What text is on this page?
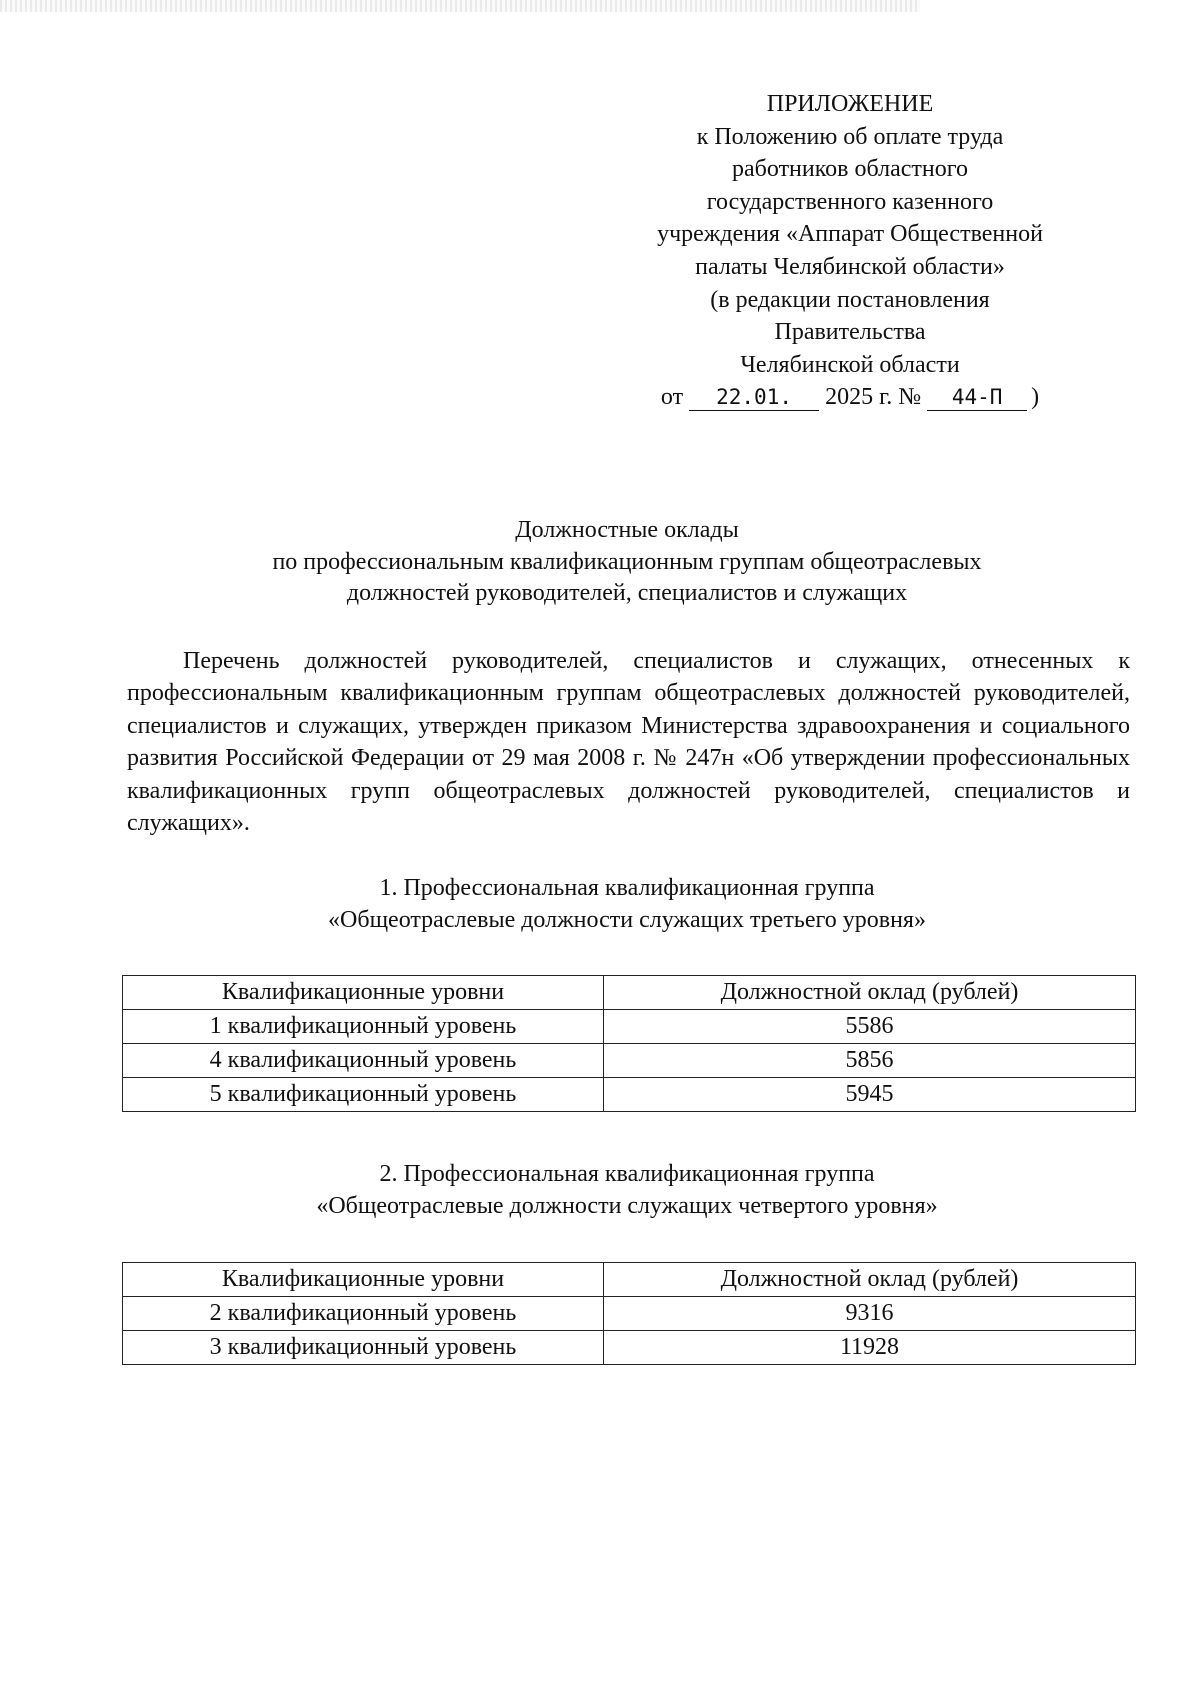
ПРИЛОЖЕНИЕ
к Положению об оплате труда
работников областного
государственного казенного
учреждения «Аппарат Общественной
палаты Челябинской области»
(в редакции постановления
Правительства
Челябинской области
от 22.01. 2025 г. № 44-П )
Должностные оклады
по профессиональным квалификационным группам общеотраслевых
должностей руководителей, специалистов и служащих

Перечень должностей руководителей, специалистов и служащих, отнесенных к профессиональным квалификационным группам общеотраслевых должностей руководителей, специалистов и служащих, утвержден приказом Министерства здравоохранения и социального развития Российской Федерации от 29 мая 2008 г. № 247н «Об утверждении профессиональных квалификационных групп общеотраслевых должностей руководителей, специалистов и служащих».

1. Профессиональная квалификационная группа
«Общеотраслевые должности служащих третьего уровня»
Квалификационные уровни	Должностной оклад (рублей)
1 квалификационный уровень	5586
4 квалификационный уровень	5856
5 квалификационный уровень	5945
2. Профессиональная квалификационная группа
«Общеотраслевые должности служащих четвертого уровня»
Квалификационные уровни	Должностной оклад (рублей)
2 квалификационный уровень	9316
3 квалификационный уровень	11928
